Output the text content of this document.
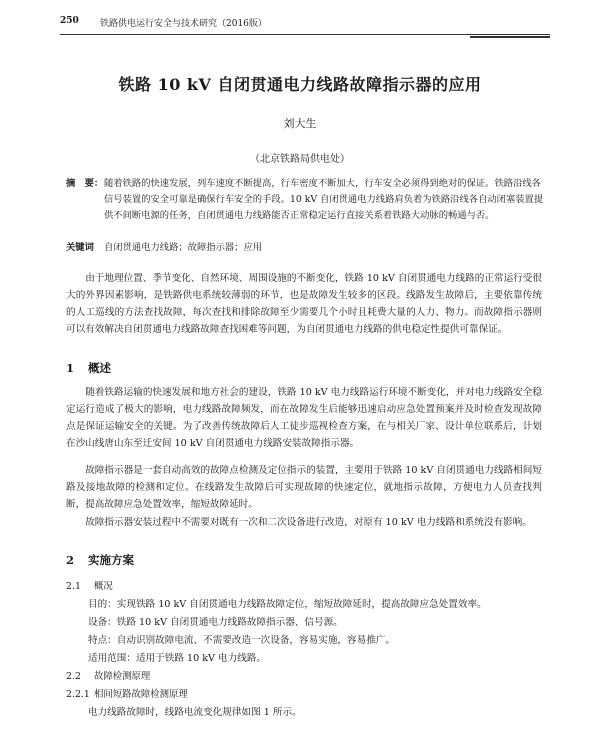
250 铁路供电运行安全与技术研究（2016版）
铁路 10 kV 自闭贯通电力线路故障指示器的应用
刘大生
（北京铁路局供电处）
摘　要： 随着铁路的快速发展，列车速度不断提高，行车密度不断加大，行车安全必须得到绝对的保证。铁路沿线各信号装置的安全可靠是确保行车安全的手段。10 kV 自闭贯通电力线路肩负着为铁路沿线各自动闭塞装置提供不间断电源的任务，自闭贯通电力线路能否正常稳定运行直接关系着铁路大动脉的畅通与否。
关键词 自闭贯通电力线路；故障指示器；应用
由于地理位置、季节变化、自然环境、周围设施的不断变化，铁路 10 kV 自闭贯通电力线路的正常运行受很大的外界因素影响，是铁路供电系统较薄弱的环节，也是故障发生较多的区段。线路发生故障后，主要依靠传统的人工巡线的方法查找故障，每次查找和排除故障至少需要几个小时且耗费大量的人力、物力。而故障指示器则可以有效解决自闭贯通电力线路故障查找困难等问题，为自闭贯通电力线路的供电稳定性提供可靠保证。
1 概述
随着铁路运输的快速发展和地方社会的建设，铁路 10 kV 电力线路运行环境不断变化，并对电力线路安全稳定运行造成了极大的影响，电力线路故障频发，而在故障发生后能够迅速启动应急处置预案并及时检查发现故障点是保证运输安全的关键。为了改善传统故障后人工徒步巡视检查方案，在与相关厂家、设计单位联系后，计划在沙山线唐山东至迁安间 10 kV 自闭贯通电力线路安装故障指示器。
故障指示器是一套自动高效的故障点检测及定位指示的装置，主要用于铁路 10 kV 自闭贯通电力线路相间短路及接地故障的检测和定位。在线路发生故障后可实现故障的快速定位，就地指示故障，方便电力人员查找判断，提高故障应急处置效率，缩短故障延时。
故障指示器安装过程中不需要对既有一次和二次设备进行改造，对原有 10 kV 电力线路和系统没有影响。
2 实施方案
2.1 概况
目的：实现铁路 10 kV 自闭贯通电力线路故障定位，缩短故障延时，提高故障应急处置效率。
设备：铁路 10 kV 自闭贯通电力线路故障指示器、信号源。
特点：自动识别故障电流、不需要改造一次设备，容易实施，容易推广。
适用范围：适用于铁路 10 kV 电力线路。
2.2 故障检测原理
2.2.1 相间短路故障检测原理
电力线路故障时，线路电流变化规律如图 1 所示。
